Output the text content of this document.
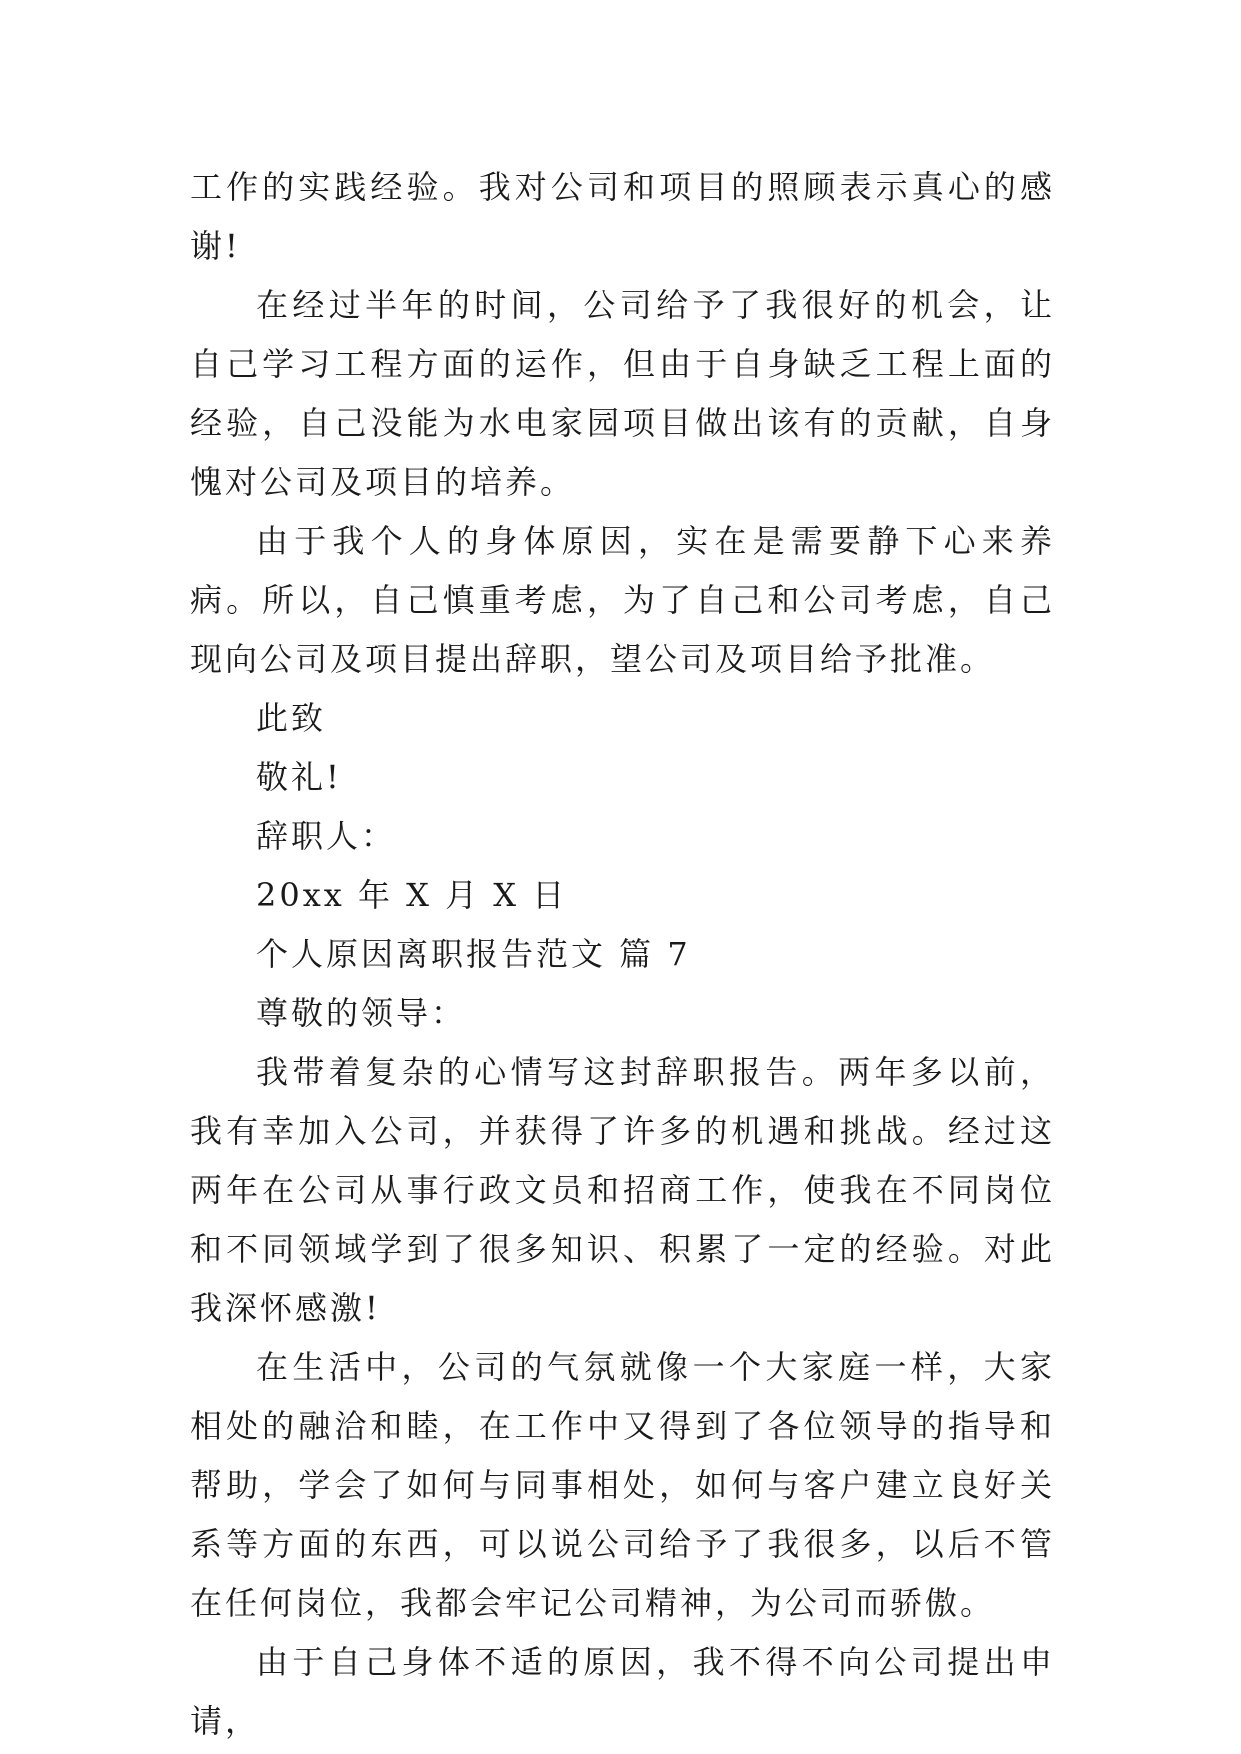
工作的实践经验。我对公司和项目的照顾表示真心的感谢!

在经过半年的时间，公司给予了我很好的机会，让自己学习工程方面的运作，但由于自身缺乏工程上面的经验，自己没能为水电家园项目做出该有的贡献，自身愧对公司及项目的培养。

由于我个人的身体原因，实在是需要静下心来养病。所以，自己慎重考虑，为了自己和公司考虑，自己现向公司及项目提出辞职，望公司及项目给予批准。

此致

敬礼!

辞职人：

20xx 年 X 月 X 日

个人原因离职报告范文 篇 7

尊敬的领导：

我带着复杂的心情写这封辞职报告。两年多以前，我有幸加入公司，并获得了许多的机遇和挑战。经过这两年在公司从事行政文员和招商工作，使我在不同岗位和不同领域学到了很多知识、积累了一定的经验。对此我深怀感激!

在生活中，公司的气氛就像一个大家庭一样，大家相处的融洽和睦，在工作中又得到了各位领导的指导和帮助，学会了如何与同事相处，如何与客户建立良好关系等方面的东西，可以说公司给予了我很多，以后不管在任何岗位，我都会牢记公司精神，为公司而骄傲。

由于自己身体不适的原因，我不得不向公司提出申请，
